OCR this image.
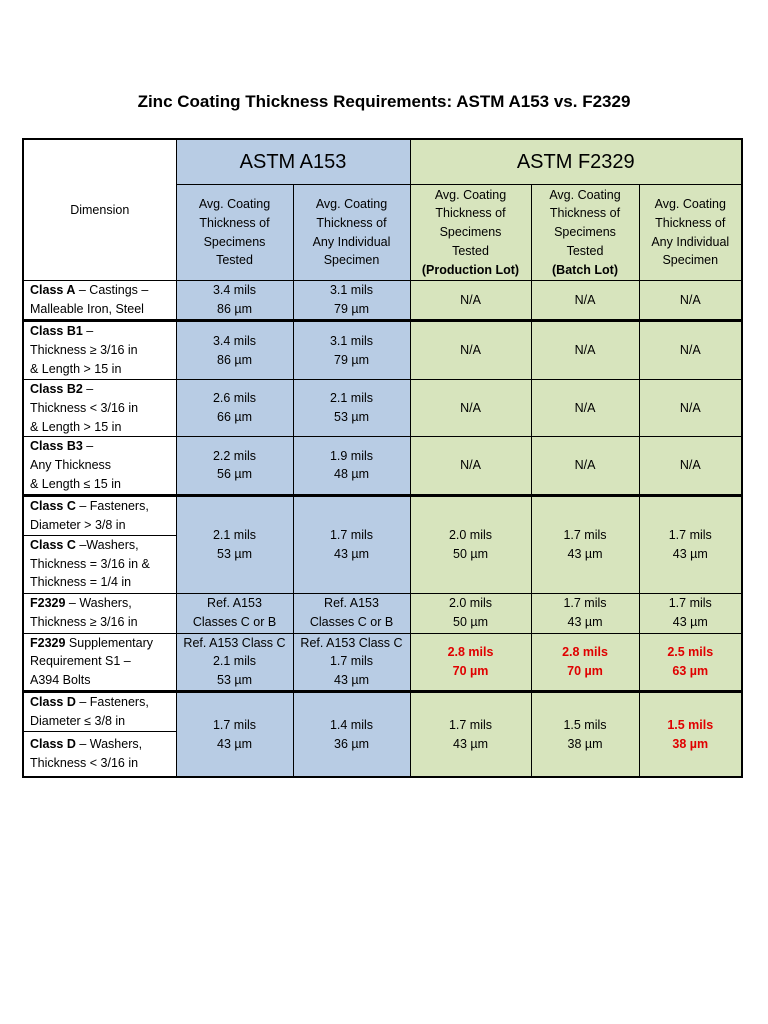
Zinc Coating Thickness Requirements: ASTM A153 vs. F2329
Dimension	ASTM A153		ASTM F2329		

	Avg. Coating
Thickness of
Specimens
Tested	Avg. Coating
Thickness of
Any Individual
Specimen	Avg. Coating
Thickness of
Specimens
Tested
(Production Lot)	Avg. Coating
Thickness of
Specimens
Tested
(Batch Lot)	Avg. Coating
Thickness of
Any Individual
Specimen

Class A – Castings –
Malleable Iron, Steel	3.4 mils
86 µm	3.1 mils
79 µm	N/A	N/A	N/A

Class B1 –
Thickness ≥ 3/16 in
& Length > 15 in	3.4 mils
86 µm	3.1 mils
79 µm	N/A	N/A	N/A

Class B2 –
Thickness < 3/16 in
& Length > 15 in	2.6 mils
66 µm	2.1 mils
53 µm	N/A	N/A	N/A

Class B3 –
Any Thickness
& Length ≤ 15 in	2.2 mils
56 µm	1.9 mils
48 µm	N/A	N/A	N/A

Class C – Fasteners,
Diameter > 3/8 in	2.1 mils
53 µm	1.7 mils
43 µm	2.0 mils
50 µm	1.7 mils
43 µm	1.7 mils
43 µm

Class C –Washers,
Thickness = 3/16 in &
Thickness = 1/4 in					

F2329 – Washers,
Thickness ≥ 3/16 in	Ref. A153
Classes C or B	Ref. A153
Classes C or B	2.0 mils
50 µm	1.7 mils
43 µm	1.7 mils
43 µm

F2329 Supplementary
Requirement S1 –
A394 Bolts	Ref. A153 Class C
2.1 mils
53 µm	Ref. A153 Class C
1.7 mils
43 µm	2.8 mils
70 µm	2.8 mils
70 µm	2.5 mils
63 µm

Class D – Fasteners,
Diameter ≤ 3/8 in	1.7 mils
43 µm	1.4 mils
36 µm	1.7 mils
43 µm	1.5 mils
38 µm	1.5 mils
38 µm

Class D – Washers,
Thickness < 3/16 in					
